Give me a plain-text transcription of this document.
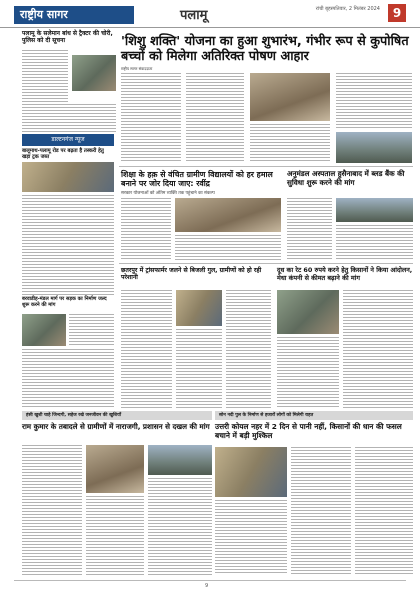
राष्ट्रीय सागर	पलामू	रांची बृहस्पतिवार, 2 मितंबर 2024	9
पलामू के सलेमान बांध से ट्रैक्टर की चोरी, पुलिस को दी सूचना	'शिशु शक्ति' योजना का हुआ शुभारंभ, गंभीर रूप से कुपोषित बच्चों को मिलेगा अतिरिक्त पोषण आहार
राष्ट्रीय सागर संवाददाता
डाल्टनगंज न्यूज
बालूमाथ-पलामू रोड पर बढ़ता है तस्करी हेतु खड़ा ट्रक जब्त
बरवाडीह-मंडल मार्ग पर सड़क का निर्माण जल्द शुरू करने की मांग
शिक्षा के हक़ से वंचित ग्रामीण विद्यालयों को हर हमाल बनाने पर जोर दिया जाए: रवींद्र
सरकार योजनाओं को अंतिम व्यक्ति तक पहुंचाने का संकल्प
अनुमंडल अस्पताल हुसैनाबाद में ब्लड बैंक की सुविधा शुरू करने की मांग
छतरपुर में ट्रांसफार्मर जलने से बिजली गुल, ग्रामीणों को हो रही परेशानी
दूध का रेट 60 रुपये करने हेतु किसानों ने किया आंदोलन, मेधा कंपनी से कीमत बढ़ाने की मांग
हंसी खुशी चाहे जिन्दगी, सहेज रखे जनजीवन की खुशियाँ	सोन नदी पुल के निर्माण से हजारों लोगों को मिलेगी राहत
राम कुमार के तबादले से ग्रामीणों में नाराजगी, प्रशासन से दखल की मांग उत्तरी कोयल नहर में 2 दिन से पानी नहीं, किसानों की धान की फसल बचाने में बड़ी मुश्किल
9
